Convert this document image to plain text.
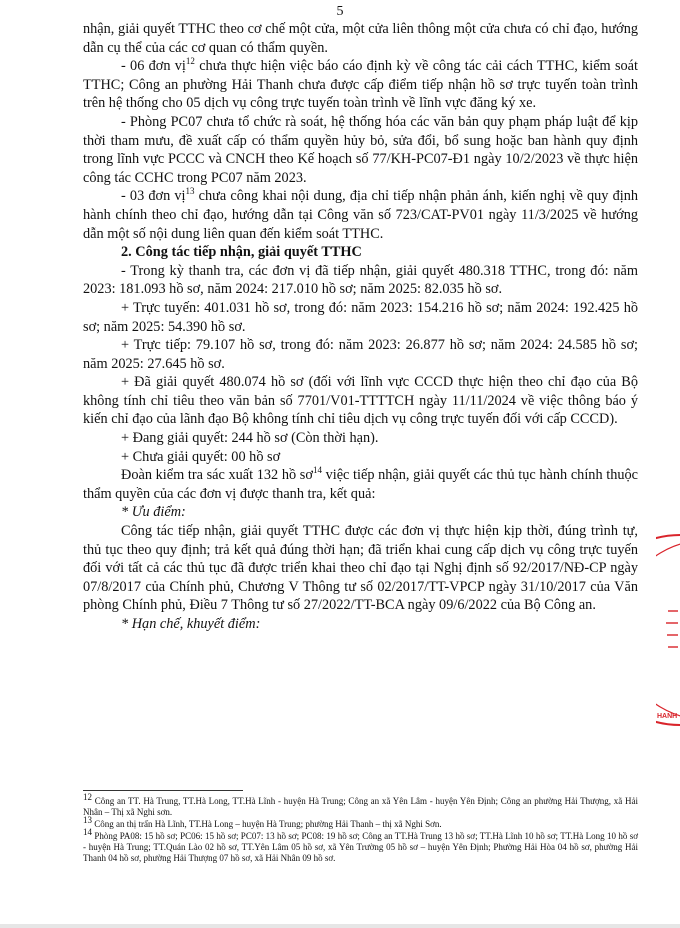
5

nhận, giải quyết TTHC theo cơ chế một cửa, một cửa liên thông một cửa chưa có chỉ đạo, hướng dẫn cụ thể của các cơ quan có thẩm quyền.

- 06 đơn vị$^{12}$ chưa thực hiện việc báo cáo định kỳ về công tác cải cách TTHC, kiểm soát TTHC; Công an phường Hải Thanh chưa được cấp điểm tiếp nhận hồ sơ trực tuyến toàn trình trên hệ thống cho 05 dịch vụ công trực tuyến toàn trình về lĩnh vực đăng ký xe.

- Phòng PC07 chưa tổ chức rà soát, hệ thống hóa các văn bản quy phạm pháp luật để kịp thời tham mưu, đề xuất cấp có thẩm quyền hủy bỏ, sửa đổi, bổ sung hoặc ban hành quy định trong lĩnh vực PCCC và CNCH theo Kế hoạch số 77/KH-PC07-Đ1 ngày 10/2/2023 về thực hiện công tác CCHC trong PC07 năm 2023.

- 03 đơn vị$^{13}$ chưa công khai nội dung, địa chỉ tiếp nhận phản ánh, kiến nghị về quy định hành chính theo chỉ đạo, hướng dẫn tại Công văn số 723/CAT-PV01 ngày 11/3/2025 về hướng dẫn một số nội dung liên quan đến kiểm soát TTHC.

2. Công tác tiếp nhận, giải quyết TTHC

- Trong kỳ thanh tra, các đơn vị đã tiếp nhận, giải quyết 480.318 TTHC, trong đó: năm 2023: 181.093 hồ sơ, năm 2024: 217.010 hồ sơ; năm 2025: 82.035 hồ sơ.

+ Trực tuyến: 401.031 hồ sơ, trong đó: năm 2023: 154.216 hồ sơ; năm 2024: 192.425 hồ sơ; năm 2025: 54.390 hồ sơ.

+ Trực tiếp: 79.107 hồ sơ, trong đó: năm 2023: 26.877 hồ sơ; năm 2024: 24.585 hồ sơ; năm 2025: 27.645 hồ sơ.

+ Đã giải quyết 480.074 hồ sơ (đối với lĩnh vực CCCD thực hiện theo chỉ đạo của Bộ không tính chỉ tiêu theo văn bản số 7701/V01-TTTTCH ngày 11/11/2024 về việc thông báo ý kiến chỉ đạo của lãnh đạo Bộ không tính chỉ tiêu dịch vụ công trực tuyến đối với cấp CCCD).

+ Đang giải quyết: 244 hồ sơ (Còn thời hạn).

+ Chưa giải quyết: 00 hồ sơ

Đoàn kiểm tra sác xuất 132 hồ $sơ^{14}$ việc tiếp nhận, giải quyết các thủ tục hành chính thuộc thẩm quyền của các đơn vị được thanh tra, kết quả:

* Ưu điểm:

Công tác tiếp nhận, giải quyết TTHC được các đơn vị thực hiện kịp thời, đúng trình tự, thủ tục theo quy định; trả kết quả đúng thời hạn; đã triển khai cung cấp dịch vụ công trực tuyến đối với tất cả các thủ tục đã được triển khai theo chỉ đạo tại Nghị định số 92/2017/NĐ-CP ngày 07/8/2017 của Chính phủ, Chương V Thông tư số 02/2017/TT-VPCP ngày 31/10/2017 của Văn phòng Chính phủ, Điều 7 Thông tư số 27/2022/TT-BCA ngày 09/6/2022 của Bộ Công an.

* Hạn chế, khuyết điểm:

$^{12}$ Công an TT. Hà Trung, TT.Hà Long, TT.Hà Lĩnh - huyện Hà Trung; Công an xã Yên Lâm - huyện Yên Định; Công an phường Hải Thượng, xã Hải Nhân – Thị xã Nghi sơn.

$^{13}$ Công an thị trấn Hà Lĩnh, TT.Hà Long – huyện Hà Trung; phường Hải Thanh – thị xã Nghi Sơn.

$^{14}$ Phòng PA08: 15 hồ sơ; PC06: 15 hồ sơ; PC07: 13 hồ sơ; PC08: 19 hồ sơ; Công an TT.Hà Trung 13 hồ sơ; TT.Hà Lĩnh 10 hồ sơ; TT.Hà Long 10 hồ sơ - huyện Hà Trung; TT.Quán Lào 02 hồ sơ, TT.Yên Lâm 05 hồ sơ, xã Yên Trường 05 hồ sơ – huyện Yên Định; Phường Hải Hòa 04 hồ sơ, phường Hải Thanh 04 hồ sơ, phường Hải Thượng 07 hồ sơ, xã Hải Nhân 09 hồ sơ.

HANH
